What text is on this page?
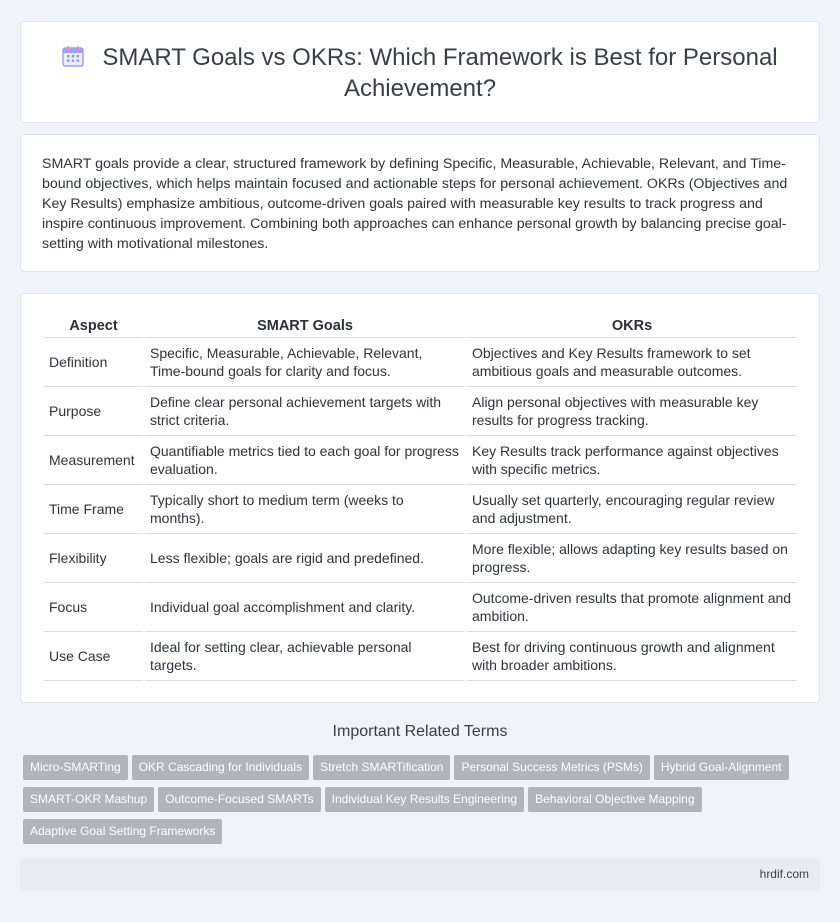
SMART Goals vs OKRs: Which Framework is Best for Personal Achievement?

SMART goals provide a clear, structured framework by defining Specific, Measurable, Achievable, Relevant, and Time-bound objectives, which helps maintain focused and actionable steps for personal achievement. OKRs (Objectives and Key Results) emphasize ambitious, outcome-driven goals paired with measurable key results to track progress and inspire continuous improvement. Combining both approaches can enhance personal growth by balancing precise goal-setting with motivational milestones.

Aspect	SMART Goals	OKRs
Definition	Specific, Measurable, Achievable, Relevant, Time-bound goals for clarity and focus.	Objectives and Key Results framework to set ambitious goals and measurable outcomes.
Purpose	Define clear personal achievement targets with strict criteria.	Align personal objectives with measurable key results for progress tracking.
Measurement	Quantifiable metrics tied to each goal for progress evaluation.	Key Results track performance against objectives with specific metrics.
Time Frame	Typically short to medium term (weeks to months).	Usually set quarterly, encouraging regular review and adjustment.
Flexibility	Less flexible; goals are rigid and predefined.	More flexible; allows adapting key results based on progress.
Focus	Individual goal accomplishment and clarity.	Outcome-driven results that promote alignment and ambition.
Use Case	Ideal for setting clear, achievable personal targets.	Best for driving continuous growth and alignment with broader ambitions.
Important Related Terms
Micro-SMARTing OKR Cascading for Individuals Stretch SMARTification Personal Success Metrics (PSMs) Hybrid Goal-Alignment
SMART-OKR Mashup Outcome-Focused SMARTs Individual Key Results Engineering Behavioral Objective Mapping
Adaptive Goal Setting Frameworks
hrdif.com
